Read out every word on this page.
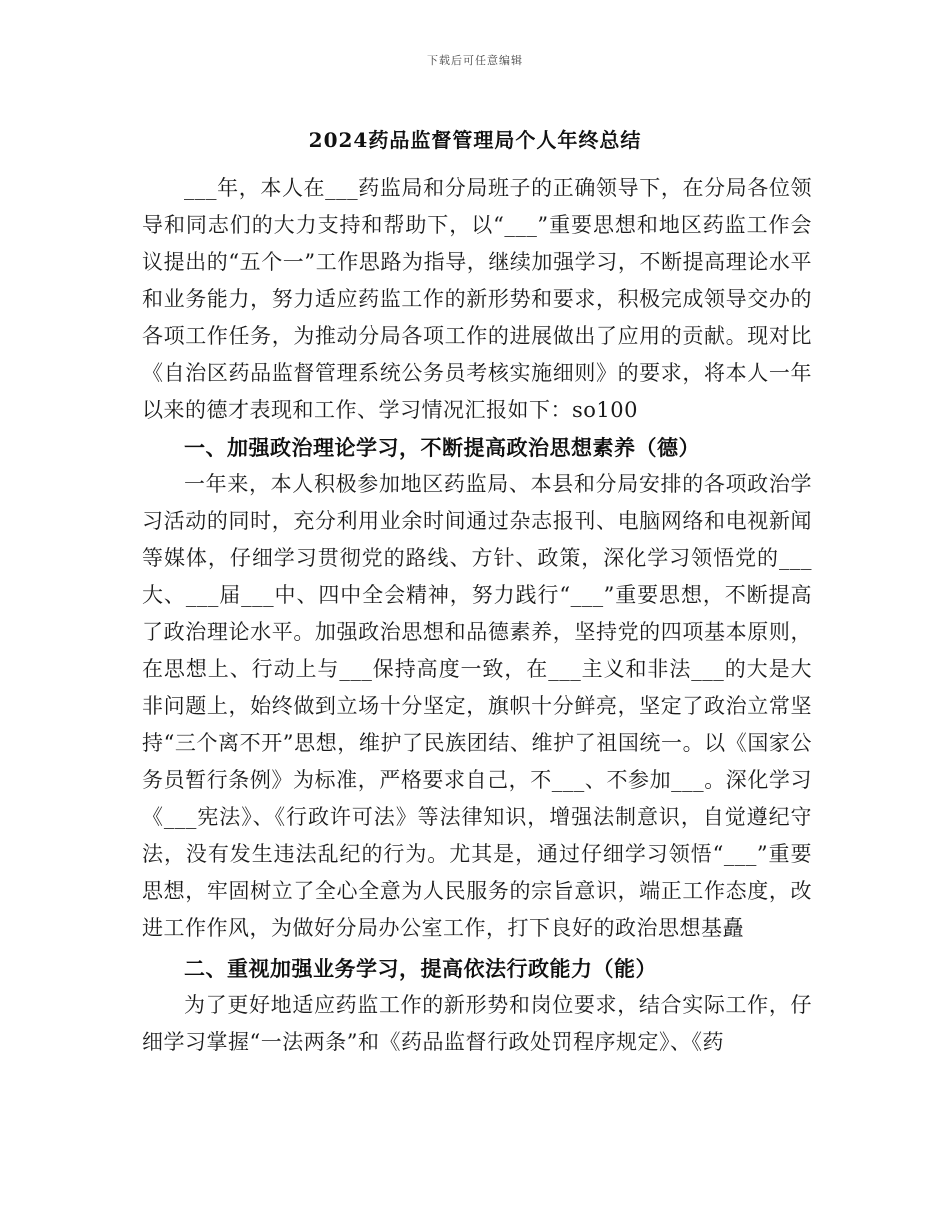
下载后可任意编辑
2024药品监督管理局个人年终总结

___年，本人在___药监局和分局班子的正确领导下，在分局各位领导和同志们的大力支持和帮助下，以“___”重要思想和地区药监工作会议提出的“五个一”工作思路为指导，继续加强学习，不断提高理论水平和业务能力，努力适应药监工作的新形势和要求，积极完成领导交办的各项工作任务，为推动分局各项工作的进展做出了应用的贡献。现对比《自治区药品监督管理系统公务员考核实施细则》的要求，将本人一年以来的德才表现和工作、学习情况汇报如下：so100

一、加强政治理论学习，不断提高政治思想素养（德）

一年来，本人积极参加地区药监局、本县和分局安排的各项政治学习活动的同时，充分利用业余时间通过杂志报刊、电脑网络和电视新闻等媒体，仔细学习贯彻党的路线、方针、政策，深化学习领悟党的___大、___届___中、四中全会精神，努力践行“___”重要思想，不断提高了政治理论水平。加强政治思想和品德素养，坚持党的四项基本原则，在思想上、行动上与___保持高度一致，在___主义和非法___的大是大非问题上，始终做到立场十分坚定，旗帜十分鲜亮，坚定了政治立常坚持“三个离不开”思想，维护了民族团结、维护了祖国统一。以《国家公务员暂行条例》为标准，严格要求自己，不___、不参加___。深化学习《___宪法》、《行政许可法》等法律知识，增强法制意识，自觉遵纪守法，没有发生违法乱纪的行为。尤其是，通过仔细学习领悟“___”重要思想，牢固树立了全心全意为人民服务的宗旨意识，端正工作态度，改进工作作风，为做好分局办公室工作，打下良好的政治思想基矗

二、重视加强业务学习，提高依法行政能力（能）

为了更好地适应药监工作的新形势和岗位要求，结合实际工作，仔细学习掌握“一法两条”和《药品监督行政处罚程序规定》、《药
